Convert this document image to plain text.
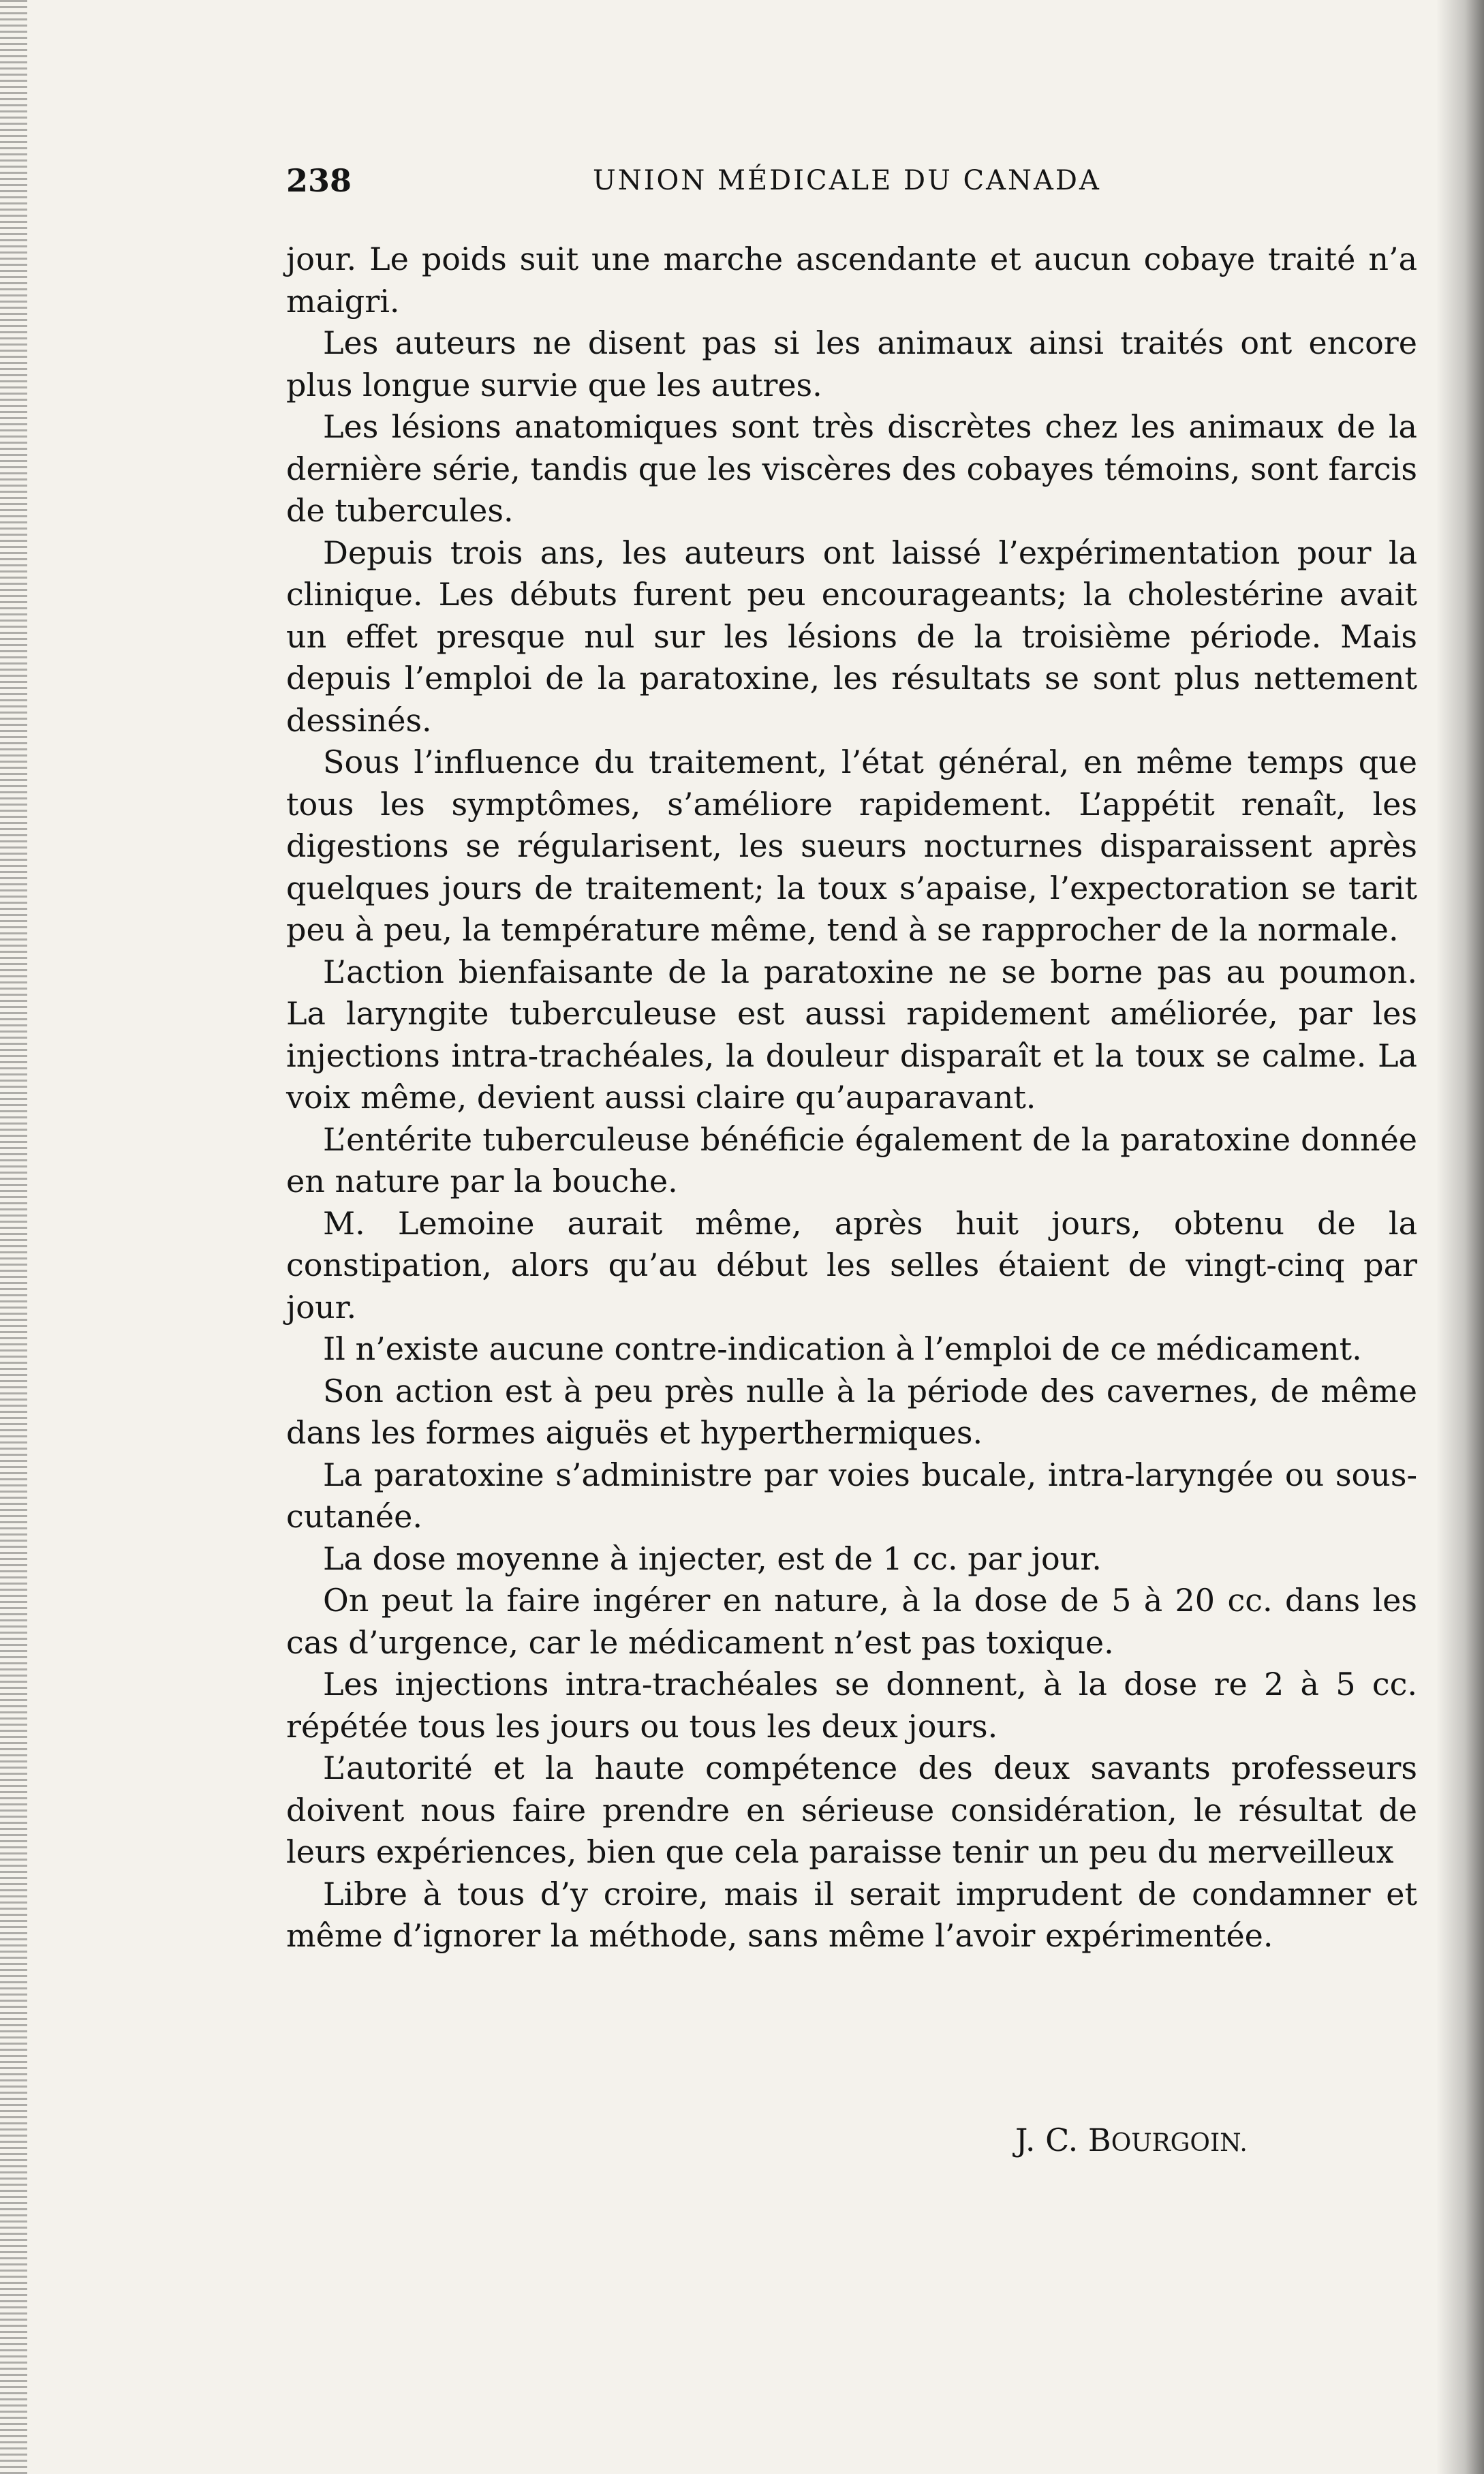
238	UNION MÉDICALE DU CANADA

jour. Le poids suit une marche ascendante et aucun cobaye traité n’a maigri.

Les auteurs ne disent pas si les animaux ainsi traités ont encore plus longue survie que les autres.

Les lésions anatomiques sont très discrètes chez les animaux de la dernière série, tandis que les viscères des cobayes témoins, sont farcis de tubercules.

Depuis trois ans, les auteurs ont laissé l’expérimentation pour la clinique. Les débuts furent peu encourageants; la cholestérine avait un effet presque nul sur les lésions de la troisième période. Mais depuis l’emploi de la paratoxine, les résultats se sont plus nettement dessinés.

Sous l’influence du traitement, l’état général, en même temps que tous les symptômes, s’améliore rapidement. L’appétit renaît, les digestions se régularisent, les sueurs nocturnes disparaissent après quelques jours de traitement; la toux s’apaise, l’expectoration se tarit peu à peu, la température même, tend à se rapprocher de la normale.

L’action bienfaisante de la paratoxine ne se borne pas au poumon. La laryngite tuberculeuse est aussi rapidement améliorée, par les injections intra-trachéales, la douleur disparaît et la toux se calme. La voix même, devient aussi claire qu’auparavant.

L’entérite tuberculeuse bénéficie également de la paratoxine donnée en nature par la bouche.

M. Lemoine aurait même, après huit jours, obtenu de la constipation, alors qu’au début les selles étaient de vingt-cinq par jour.

Il n’existe aucune contre-indication à l’emploi de ce médicament.

Son action est à peu près nulle à la période des cavernes, de même dans les formes aiguës et hyperthermiques.

La paratoxine s’administre par voies bucale, intra-laryngée ou sous-cutanée.

La dose moyenne à injecter, est de 1 cc. par jour.

On peut la faire ingérer en nature, à la dose de 5 à 20 cc. dans les cas d’urgence, car le médicament n’est pas toxique.

Les injections intra-trachéales se donnent, à la dose re 2 à 5 cc. répétée tous les jours ou tous les deux jours.

L’autorité et la haute compétence des deux savants professeurs doivent nous faire prendre en sérieuse considération, le résultat de leurs expériences, bien que cela paraisse tenir un peu du merveilleux

Libre à tous d’y croire, mais il serait imprudent de condamner et même d’ignorer la méthode, sans même l’avoir expérimentée.

J. C. BOURGOIN.
